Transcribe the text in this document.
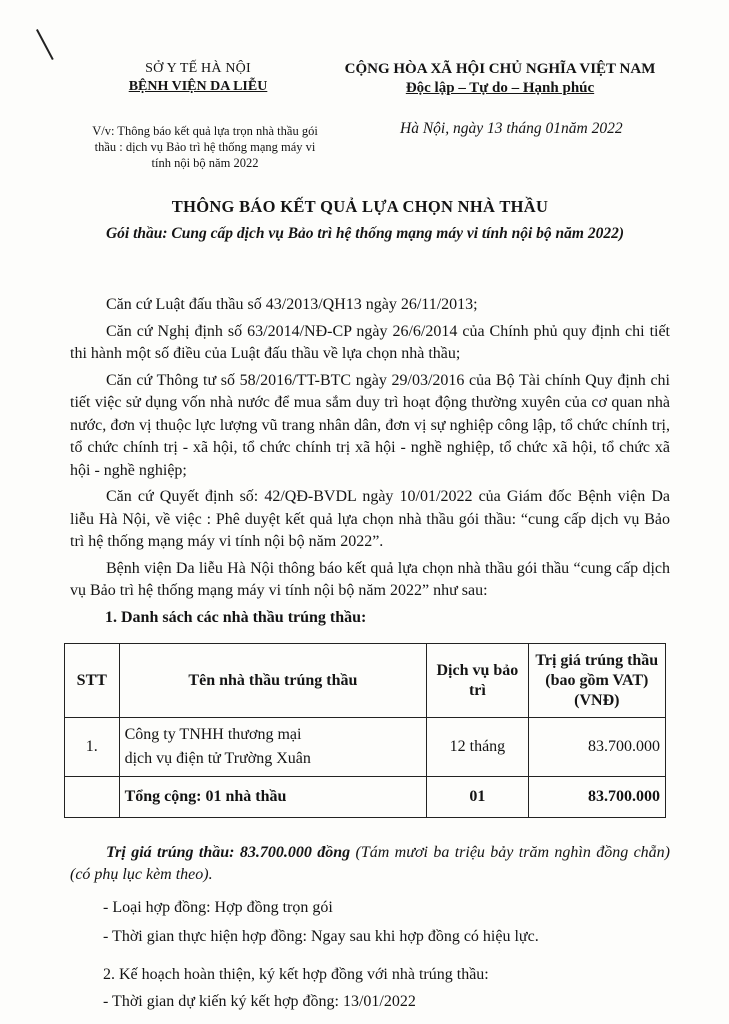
SỞ Y TẾ HÀ NỘI
BỆNH VIỆN DA LIỄU
CỘNG HÒA XÃ HỘI CHỦ NGHĨA VIỆT NAM
Độc lập – Tự do – Hạnh phúc
V/v: Thông báo kết quả lựa trọn nhà thầu gói
thầu : dịch vụ Bảo trì hệ thống mạng máy vi
tính nội bộ năm 2022
Hà Nội, ngày 13 tháng 01năm 2022
THÔNG BÁO KẾT QUẢ LỰA CHỌN NHÀ THẦU
Gói thầu: Cung cấp dịch vụ Bảo trì hệ thống mạng máy vi tính nội bộ năm 2022)

Căn cứ Luật đấu thầu số 43/2013/QH13 ngày 26/11/2013;

Căn cứ Nghị định số 63/2014/NĐ-CP ngày 26/6/2014 của Chính phủ quy định chi tiết thi hành một số điều của Luật đấu thầu về lựa chọn nhà thầu;

Căn cứ Thông tư số 58/2016/TT-BTC ngày 29/03/2016 của Bộ Tài chính Quy định chi tiết việc sử dụng vốn nhà nước để mua sắm duy trì hoạt động thường xuyên của cơ quan nhà nước, đơn vị thuộc lực lượng vũ trang nhân dân, đơn vị sự nghiệp công lập, tổ chức chính trị, tổ chức chính trị - xã hội, tổ chức chính trị xã hội - nghề nghiệp, tổ chức xã hội, tổ chức xã hội - nghề nghiệp;

Căn cứ Quyết định số: 42/QĐ-BVDL ngày 10/01/2022 của Giám đốc Bệnh viện Da liễu Hà Nội, về việc : Phê duyệt kết quả lựa chọn nhà thầu gói thầu: “cung cấp dịch vụ Bảo trì hệ thống mạng máy vi tính nội bộ năm 2022”.

Bệnh viện Da liễu Hà Nội thông báo kết quả lựa chọn nhà thầu gói thầu “cung cấp dịch vụ Bảo trì hệ thống mạng máy vi tính nội bộ năm 2022” như sau:

1. Danh sách các nhà thầu trúng thầu:
STT	Tên nhà thầu trúng thầu	Dịch vụ bảo trì	Trị giá trúng thầu (bao gồm VAT) (VNĐ)
1.	Công ty TNHH thương mại
dịch vụ điện tử Trường Xuân	12 tháng	83.700.000
	Tổng cộng: 01 nhà thầu	01	83.700.000
Trị giá trúng thầu: 83.700.000 đồng (Tám mươi ba triệu bảy trăm nghìn đồng chẵn) (có phụ lục kèm theo).
- Loại hợp đồng: Hợp đồng trọn gói
- Thời gian thực hiện hợp đồng: Ngay sau khi hợp đồng có hiệu lực.
2. Kế hoạch hoàn thiện, ký kết hợp đồng với nhà trúng thầu:
- Thời gian dự kiến ký kết hợp đồng: 13/01/2022
